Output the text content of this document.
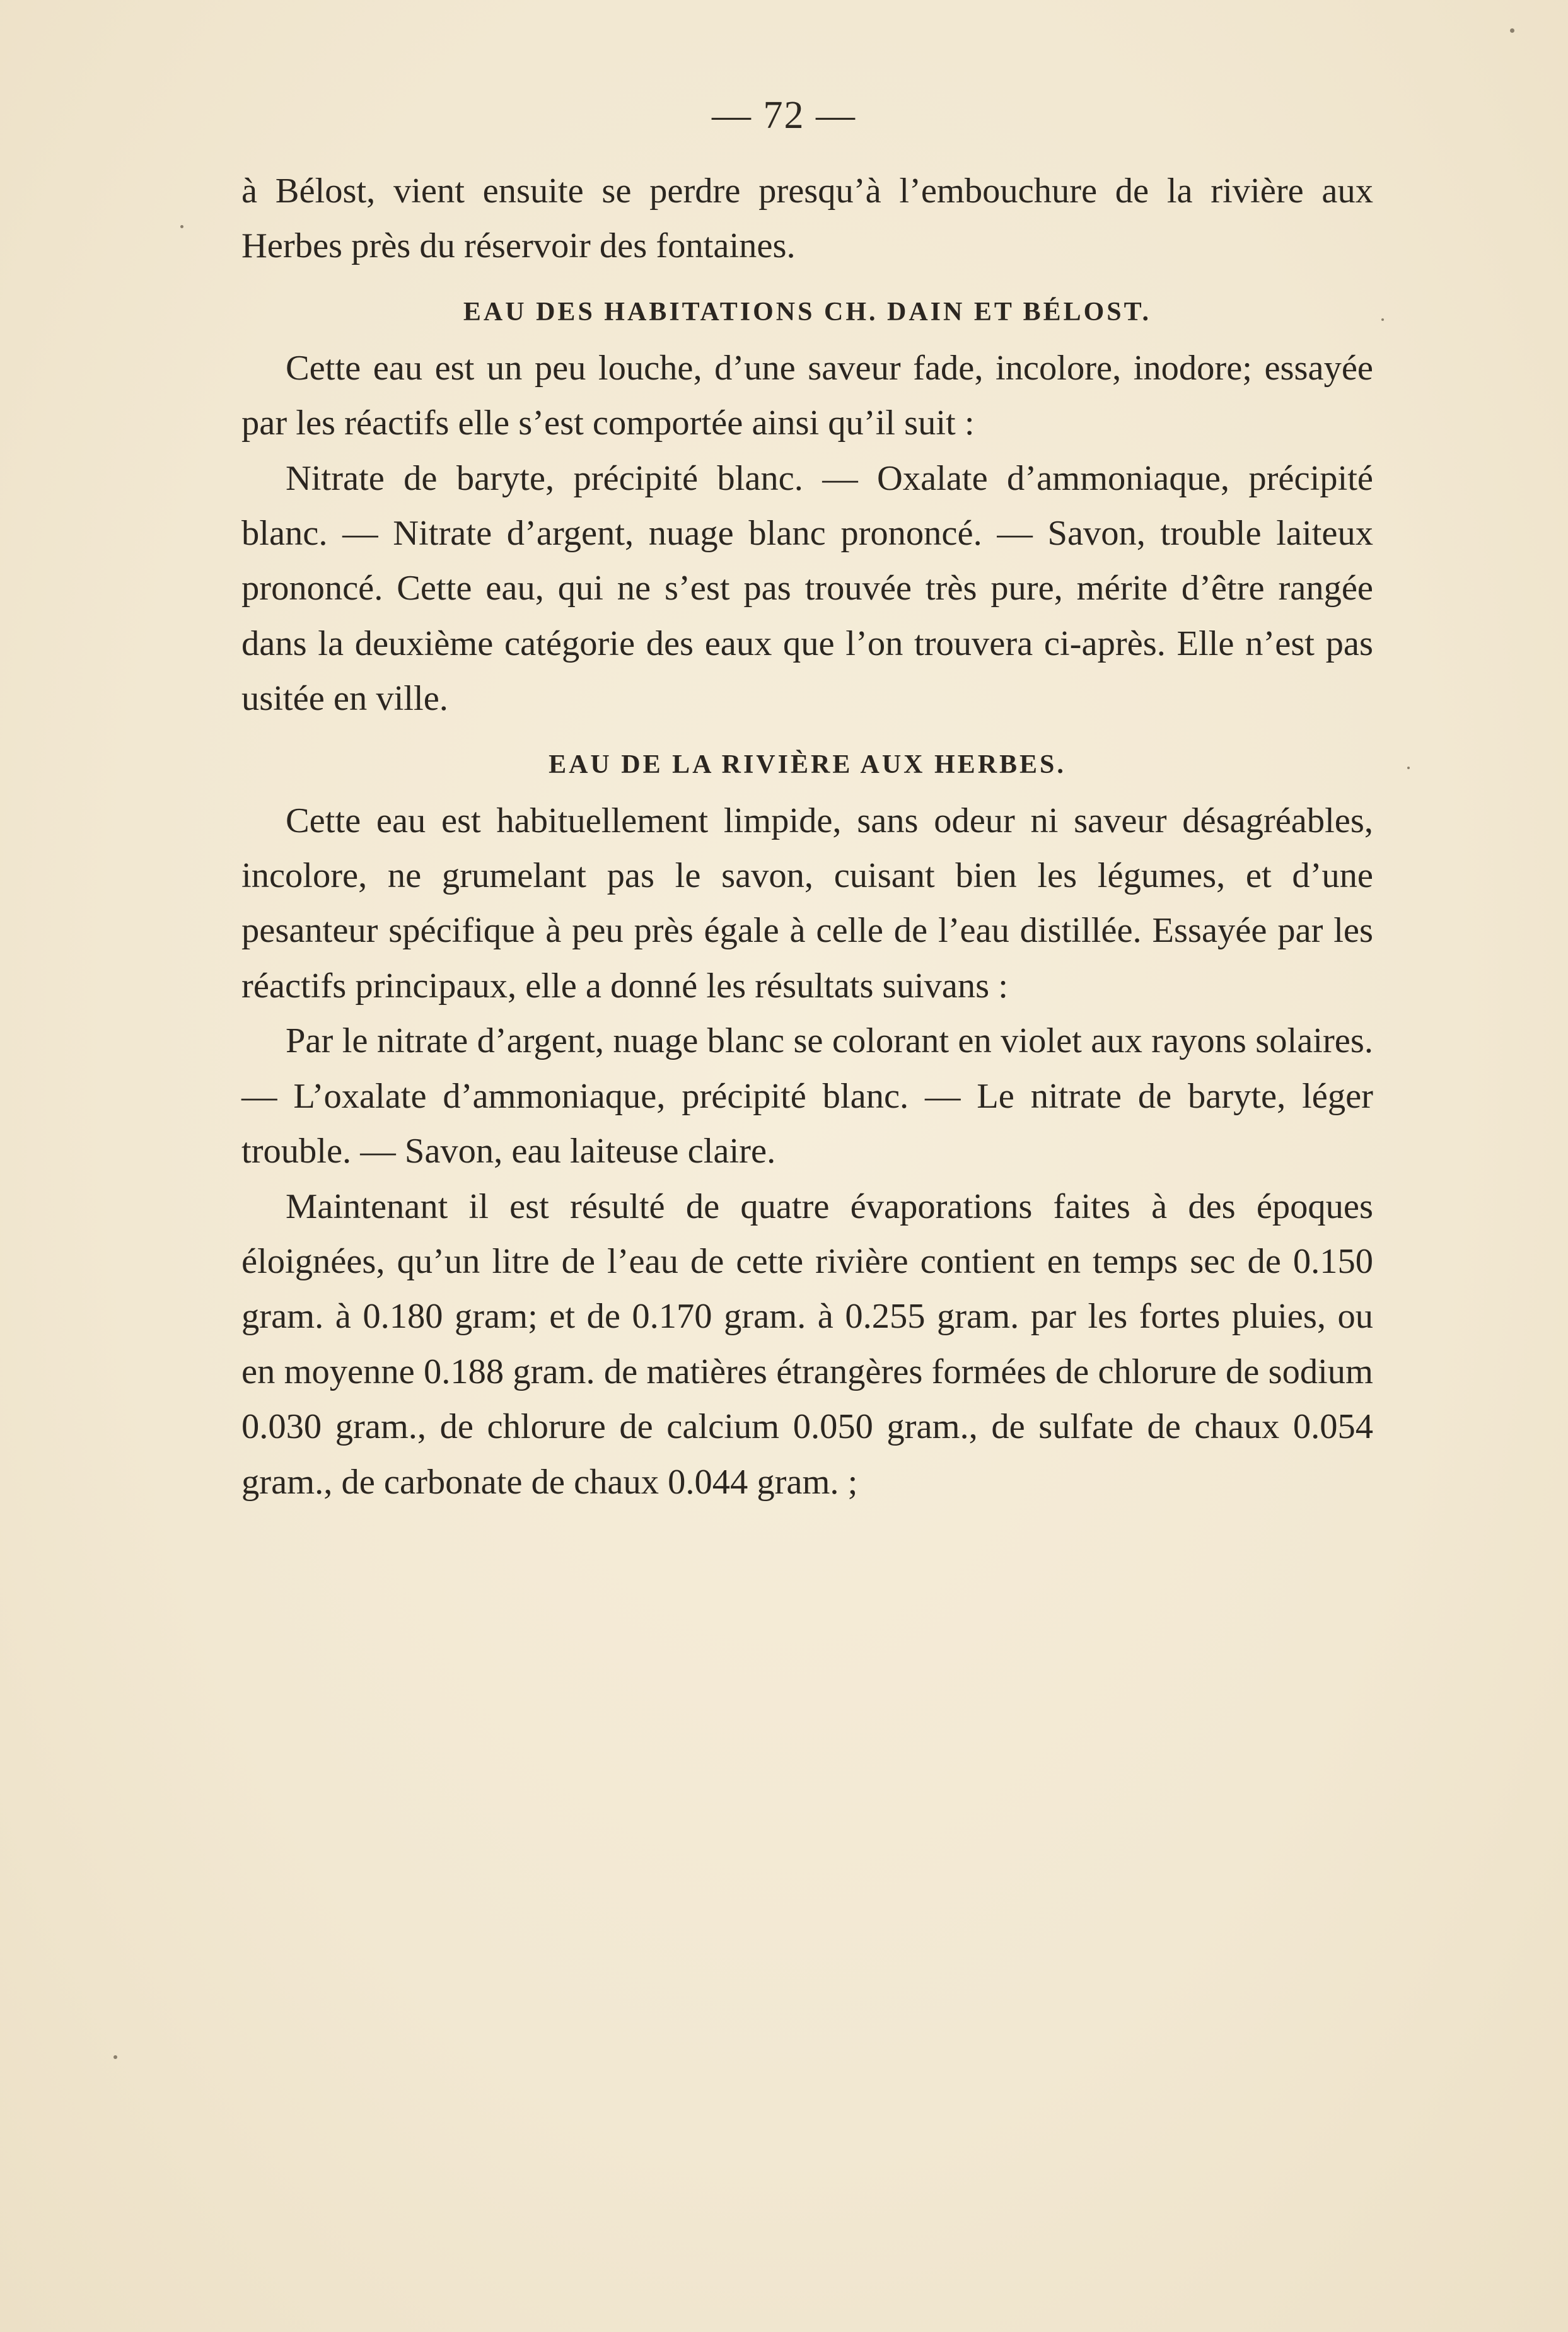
— 72 —

à Bélost, vient ensuite se perdre presqu’à l’embouchure de la rivière aux Herbes près du réservoir des fontaines.

EAU DES HABITATIONS CH. DAIN ET BÉLOST.

Cette eau est un peu louche, d’une saveur fade, incolore, inodore; essayée par les réactifs elle s’est comportée ainsi qu’il suit :

Nitrate de baryte, précipité blanc. — Oxalate d’ammoniaque, précipité blanc. — Nitrate d’argent, nuage blanc prononcé. — Savon, trouble laiteux prononcé. Cette eau, qui ne s’est pas trouvée très pure, mérite d’être rangée dans la deuxième catégorie des eaux que l’on trouvera ci-après. Elle n’est pas usitée en ville.

EAU DE LA RIVIÈRE AUX HERBES.

Cette eau est habituellement limpide, sans odeur ni saveur désagréables, incolore, ne grumelant pas le savon, cuisant bien les légumes, et d’une pesanteur spécifique à peu près égale à celle de l’eau distillée. Essayée par les réactifs principaux, elle a donné les résultats suivans :

Par le nitrate d’argent, nuage blanc se colorant en violet aux rayons solaires. — L’oxalate d’ammoniaque, précipité blanc. — Le nitrate de baryte, léger trouble. — Savon, eau laiteuse claire.

Maintenant il est résulté de quatre évaporations faites à des époques éloignées, qu’un litre de l’eau de cette rivière contient en temps sec de 0.150 gram. à 0.180 gram; et de 0.170 gram. à 0.255 gram. par les fortes pluies, ou en moyenne 0.188 gram. de matières étrangères formées de chlorure de sodium 0.030 gram., de chlorure de calcium 0.050 gram., de sulfate de chaux 0.054 gram., de carbonate de chaux 0.044 gram. ;
